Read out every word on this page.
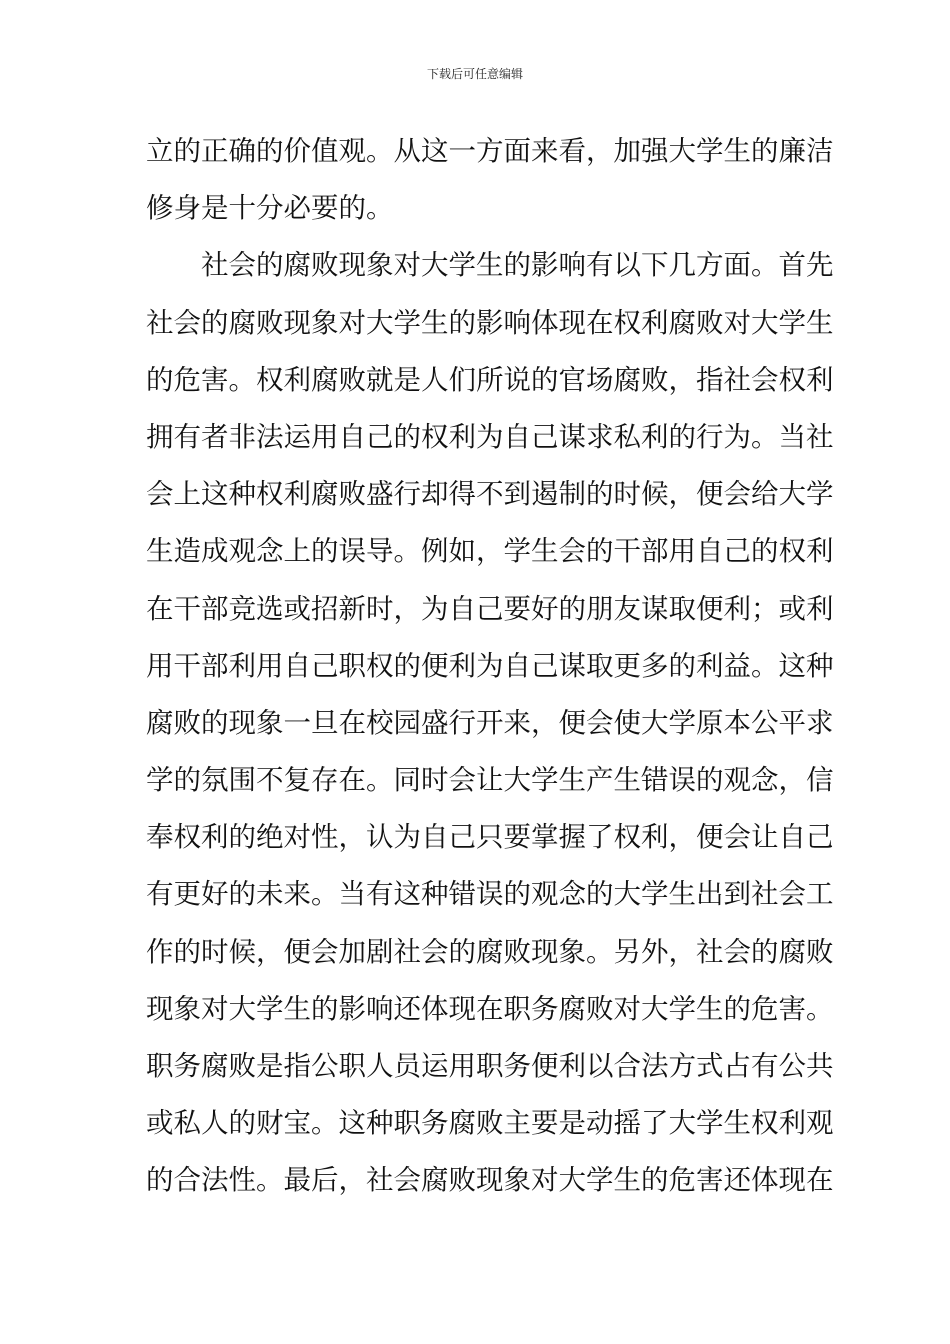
下载后可任意编辑
立的正确的价值观。从这一方面来看，加强大学生的廉洁
修身是十分必要的。
社会的腐败现象对大学生的影响有以下几方面。首先
社会的腐败现象对大学生的影响体现在权利腐败对大学生
的危害。权利腐败就是人们所说的官场腐败，指社会权利
拥有者非法运用自己的权利为自己谋求私利的行为。当社
会上这种权利腐败盛行却得不到遏制的时候，便会给大学
生造成观念上的误导。例如，学生会的干部用自己的权利
在干部竞选或招新时，为自己要好的朋友谋取便利；或利
用干部利用自己职权的便利为自己谋取更多的利益。这种
腐败的现象一旦在校园盛行开来，便会使大学原本公平求
学的氛围不复存在。同时会让大学生产生错误的观念，信
奉权利的绝对性，认为自己只要掌握了权利，便会让自己
有更好的未来。当有这种错误的观念的大学生出到社会工
作的时候，便会加剧社会的腐败现象。另外，社会的腐败
现象对大学生的影响还体现在职务腐败对大学生的危害。
职务腐败是指公职人员运用职务便利以合法方式占有公共
或私人的财宝。这种职务腐败主要是动摇了大学生权利观
的合法性。最后，社会腐败现象对大学生的危害还体现在
